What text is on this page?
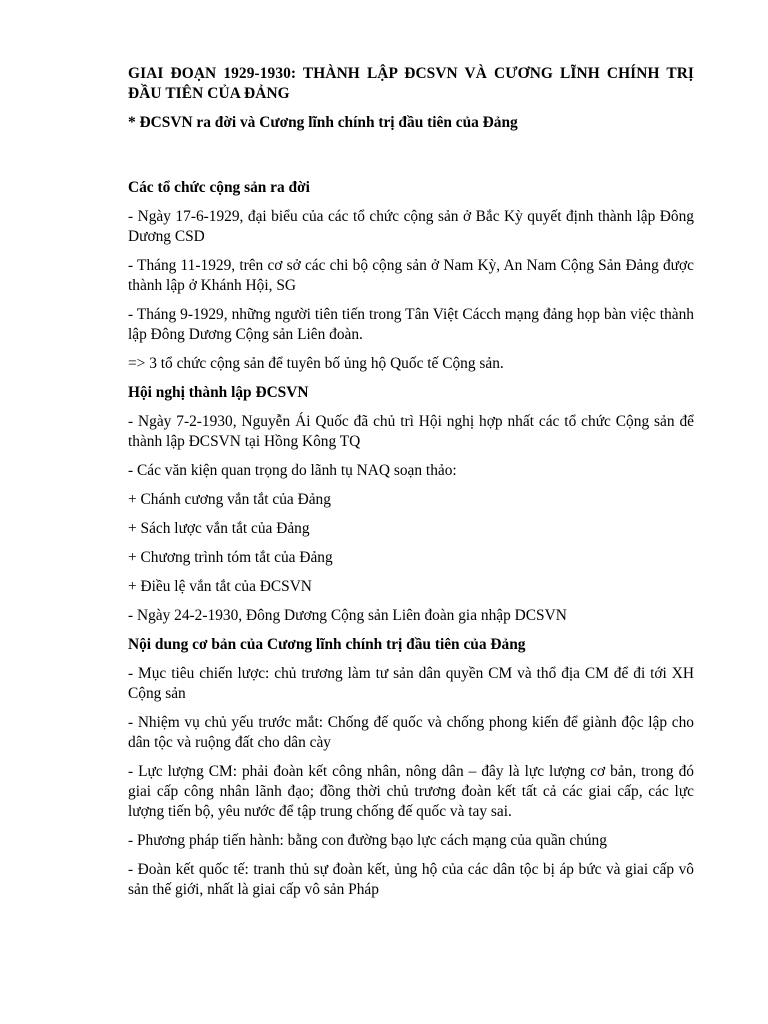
GIAI ĐOẠN 1929-1930: THÀNH LẬP ĐCSVN VÀ CƯƠNG LĨNH CHÍNH TRỊ ĐẦU TIÊN CỦA ĐẢNG
* ĐCSVN ra đời và Cương lĩnh chính trị đầu tiên của Đảng
Các tổ chức cộng sản ra đời
- Ngày 17-6-1929, đại biểu của các tổ chức cộng sản ở Bắc Kỳ quyết định thành lập Đông Dương CSD
- Tháng 11-1929, trên cơ sở các chi bộ cộng sản ở Nam Kỳ, An Nam Cộng Sản Đảng được thành lập ở Khánh Hội, SG
- Tháng 9-1929, những người tiên tiến trong Tân Việt Cácch mạng đảng họp bàn việc thành lập Đông Dương Cộng sản Liên đoàn.
=> 3 tổ chức cộng sản để tuyên bố ủng hộ Quốc tế Cộng sản.
Hội nghị thành lập ĐCSVN
- Ngày 7-2-1930, Nguyễn Ái Quốc đã chủ trì Hội nghị hợp nhất các tổ chức Cộng sản để thành lập ĐCSVN tại Hồng Kông TQ
- Các văn kiện quan trọng do lãnh tụ NAQ soạn thảo:
+ Chánh cương vắn tắt của Đảng
+ Sách lược vắn tắt của Đảng
+ Chương trình tóm tắt của Đảng
+ Điều lệ vắn tắt của ĐCSVN
- Ngày 24-2-1930, Đông Dương Cộng sản Liên đoàn gia nhập DCSVN
Nội dung cơ bản của Cương lĩnh chính trị đầu tiên của Đảng
- Mục tiêu chiến lược: chủ trương làm tư sản dân quyền CM và thổ địa CM để đi tới XH Cộng sản
- Nhiệm vụ chủ yếu trước mắt: Chống đế quốc và chống phong kiến để giành độc lập cho dân tộc và ruộng đất cho dân cày
- Lực lượng CM: phải đoàn kết công nhân, nông dân – đây là lực lượng cơ bản, trong đó giai cấp công nhân lãnh đạo; đồng thời chủ trương đoàn kết tất cả các giai cấp, các lực lượng tiến bộ, yêu nước để tập trung chống đế quốc và tay sai.
- Phương pháp tiến hành: bằng con đường bạo lực cách mạng của quần chúng
- Đoàn kết quốc tế: tranh thủ sự đoàn kết, ủng hộ của các dân tộc bị áp bức và giai cấp vô sản thế giới, nhất là giai cấp vô sản Pháp
